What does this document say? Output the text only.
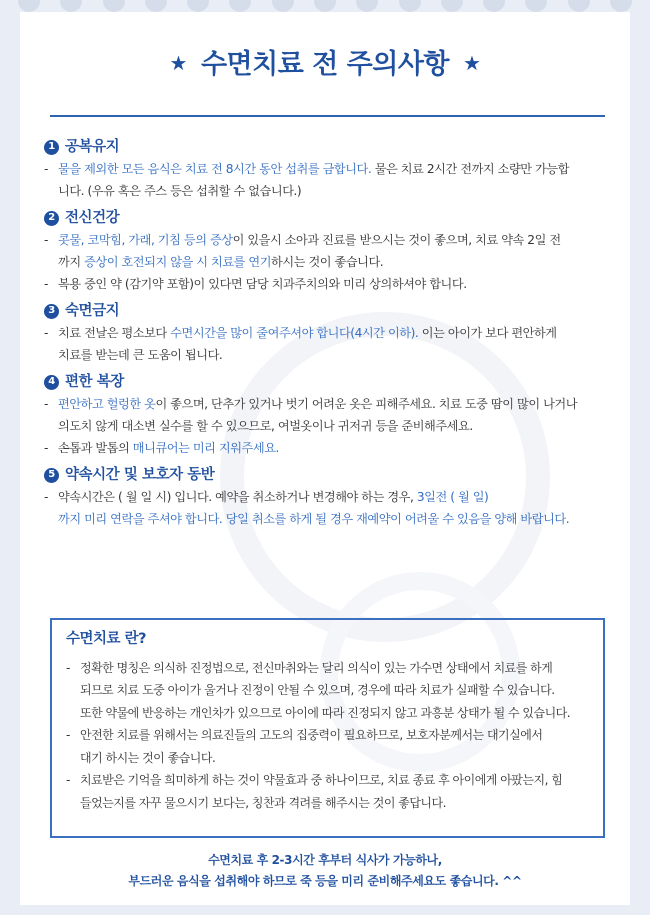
★ 수면치료 전 주의사항 ★
1 공복유지
- 물을 제외한 모든 음식은 치료 전 8시간 동안 섭취를 금합니다. 물은 치료 2시간 전까지 소량만 가능합
니다. (우유 혹은 주스 등은 섭취할 수 없습니다.)
2 전신건강
- 콧물, 코막힘, 가래, 기침 등의 증상이 있을시 소아과 진료를 받으시는 것이 좋으며, 치료 약속 2일 전
까지 증상이 호전되지 않을 시 치료를 연기하시는 것이 좋습니다.
- 복용 중인 약 (감기약 포함)이 있다면 담당 치과주치의와 미리 상의하셔야 합니다.
3 숙면금지
- 치료 전날은 평소보다 수면시간을 많이 줄여주셔야 합니다(4시간 이하). 이는 아이가 보다 편안하게
치료를 받는데 큰 도움이 됩니다.
4 편한 복장
- 편안하고 헐렁한 옷이 좋으며, 단추가 있거나 벗기 어려운 옷은 피해주세요. 치료 도중 땀이 많이 나거나
의도치 않게 대소변 실수를 할 수 있으므로, 여벌옷이나 귀저귀 등을 준비해주세요.
- 손톱과 발톱의 매니큐어는 미리 지워주세요.
5 약속시간 및 보호자 동반
- 약속시간은 ( 월 일 시) 입니다. 예약을 취소하거나 변경해야 하는 경우, 3일전 ( 월 일)
까지 미리 연락을 주셔야 합니다. 당일 취소를 하게 될 경우 재예약이 어려울 수 있음을 양해 바랍니다.
수면치료 란?
- 정확한 명칭은 의식하 진정법으로, 전신마취와는 달리 의식이 있는 가수면 상태에서 치료를 하게
되므로 치료 도중 아이가 울거나 진정이 안될 수 있으며, 경우에 따라 치료가 실패할 수 있습니다.
또한 약물에 반응하는 개인차가 있으므로 아이에 따라 진정되지 않고 과흥분 상태가 될 수 있습니다.
- 안전한 치료를 위해서는 의료진들의 고도의 집중력이 필요하므로, 보호자분께서는 대기실에서
대기 하시는 것이 좋습니다.
- 치료받은 기억을 희미하게 하는 것이 약물효과 중 하나이므로, 치료 종료 후 아이에게 아팠는지, 힘
들었는지를 자꾸 물으시기 보다는, 칭찬과 격려를 해주시는 것이 좋답니다.
수면치료 후 2-3시간 후부터 식사가 가능하나,
부드러운 음식을 섭취해야 하므로 죽 등을 미리 준비해주세요도 좋습니다. ^^
